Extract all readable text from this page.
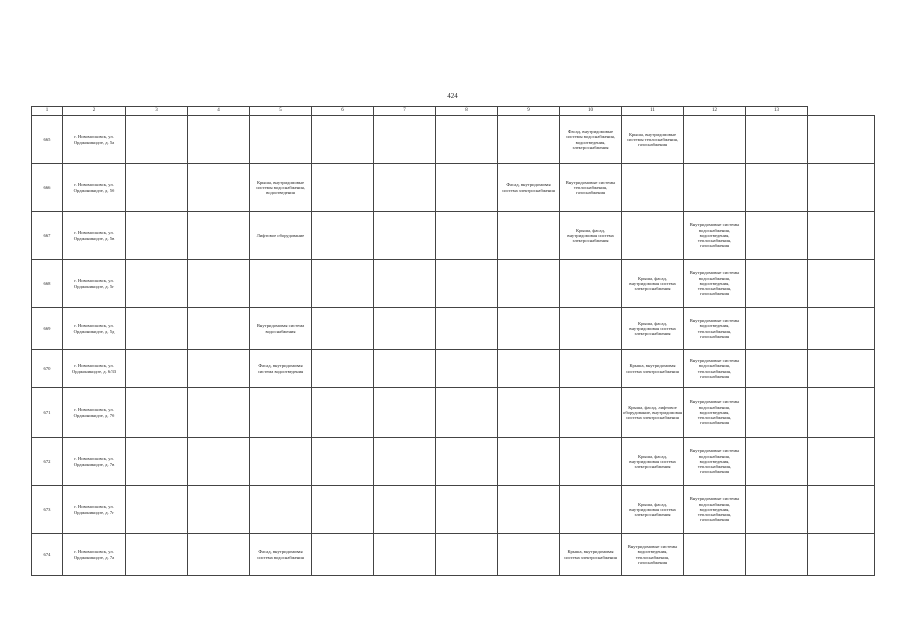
424
1	2	3	4	5	6	7	8	9	10	11	12	13	
665	г. Новомосковск, ул. Орджоникидзе, д. 5а								Фасад, внутридомовые системы водоснабжения, водоотведения, электроснабжения	Крыша, внутридомовые системы теплоснабжения, газоснабжения			
666	г. Новомосковск, ул. Орджоникидзе, д. 5б			Крыша, внутридомовые системы водоснабжения, водоотведения				Фасад, внутридомовая система электроснабжения	Внутридомовые системы теплоснабжения, газоснабжения				
667	г. Новомосковск, ул. Орджоникидзе, д. 5в			Лифтовое оборудование					Крыша, фасад, внутридомовая система электроснабжения		Внутридомовые системы водоснабжения, водоотведения, теплоснабжения, газоснабжения		
668	г. Новомосковск, ул. Орджоникидзе, д. 5г									Крыша, фасад, внутридомовая система электроснабжения	Внутридомовые системы водоснабжения, водоотведения, теплоснабжения, газоснабжения		
669	г. Новомосковск, ул. Орджоникидзе, д. 5д			Внутридомовая система водоснабжения						Крыша, фасад, внутридомовая система электроснабжения	Внутридомовые системы водоотведения, теплоснабжения, газоснабжения		
670	г. Новомосковск, ул. Орджоникидзе, д. 6/33			Фасад, внутридомовая система водоотведения						Крыша, внутридомовая система электроснабжения	Внутридомовые системы водоснабжения, теплоснабжения, газоснабжения		
671	г. Новомосковск, ул. Орджоникидзе, д. 7б									Крыша, фасад, лифтовое оборудование, внутридомовая система электроснабжения	Внутридомовые системы водоснабжения, водоотведения, теплоснабжения, газоснабжения		
672	г. Новомосковск, ул. Орджоникидзе, д. 7в									Крыша, фасад, внутридомовая система электроснабжения	Внутридомовые системы водоснабжения, водоотведения, теплоснабжения, газоснабжения		
673	г. Новомосковск, ул. Орджоникидзе, д. 7г									Крыша, фасад, внутридомовая система электроснабжения	Внутридомовые системы водоснабжения, водоотведения, теплоснабжения, газоснабжения		
674	г. Новомосковск, ул. Орджоникидзе, д. 7а			Фасад, внутридомовая система водоснабжения					Крыша, внутридомовая система электроснабжения	Внутридомовые системы водоотведения, теплоснабжения, газоснабжения			
